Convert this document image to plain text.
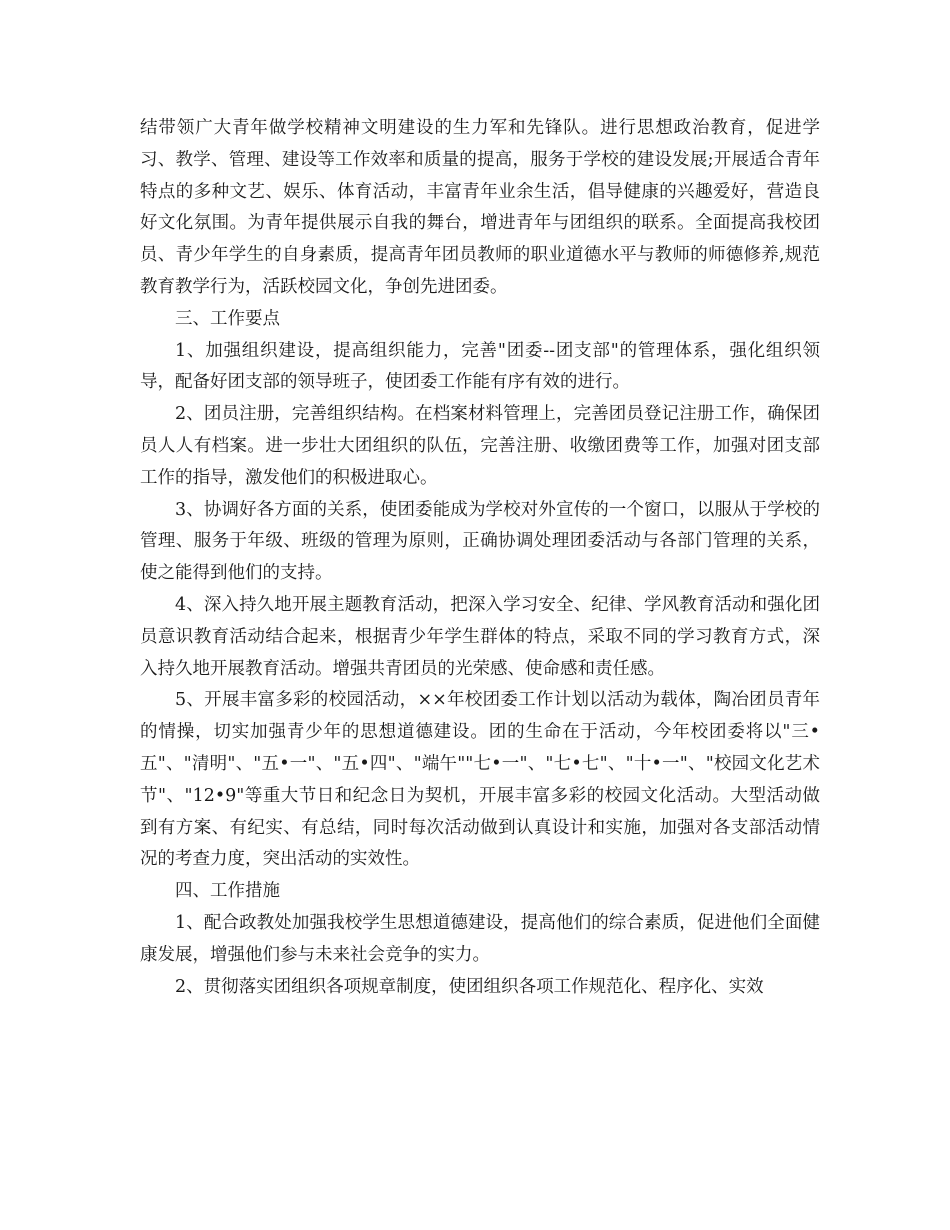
结带领广大青年做学校精神文明建设的生力军和先锋队。进行思想政治教育，促进学习、教学、管理、建设等工作效率和质量的提高，服务于学校的建设发展;开展适合青年特点的多种文艺、娱乐、体育活动，丰富青年业余生活，倡导健康的兴趣爱好，营造良好文化氛围。为青年提供展示自我的舞台，增进青年与团组织的联系。全面提高我校团员、青少年学生的自身素质，提高青年团员教师的职业道德水平与教师的师德修养,规范教育教学行为，活跃校园文化，争创先进团委。

三、工作要点

1、加强组织建设，提高组织能力，完善"团委--团支部"的管理体系，强化组织领导，配备好团支部的领导班子，使团委工作能有序有效的进行。

2、团员注册，完善组织结构。在档案材料管理上，完善团员登记注册工作，确保团员人人有档案。进一步壮大团组织的队伍，完善注册、收缴团费等工作，加强对团支部工作的指导，激发他们的积极进取心。

3、协调好各方面的关系，使团委能成为学校对外宣传的一个窗口，以服从于学校的管理、服务于年级、班级的管理为原则，正确协调处理团委活动与各部门管理的关系，使之能得到他们的支持。

4、深入持久地开展主题教育活动，把深入学习安全、纪律、学风教育活动和强化团员意识教育活动结合起来，根据青少年学生群体的特点，采取不同的学习教育方式，深入持久地开展教育活动。增强共青团员的光荣感、使命感和责任感。

5、开展丰富多彩的校园活动，××年校团委工作计划以活动为载体，陶冶团员青年的情操，切实加强青少年的思想道德建设。团的生命在于活动，今年校团委将以"三•五"、"清明"、"五•一"、"五•四"、"端午""七•一"、"七•七"、"十•一"、"校园文化艺术节"、"12•9"等重大节日和纪念日为契机，开展丰富多彩的校园文化活动。大型活动做到有方案、有纪实、有总结，同时每次活动做到认真设计和实施，加强对各支部活动情况的考查力度，突出活动的实效性。

四、工作措施

1、配合政教处加强我校学生思想道德建设，提高他们的综合素质，促进他们全面健康发展，增强他们参与未来社会竞争的实力。

2、贯彻落实团组织各项规章制度，使团组织各项工作规范化、程序化、实效
